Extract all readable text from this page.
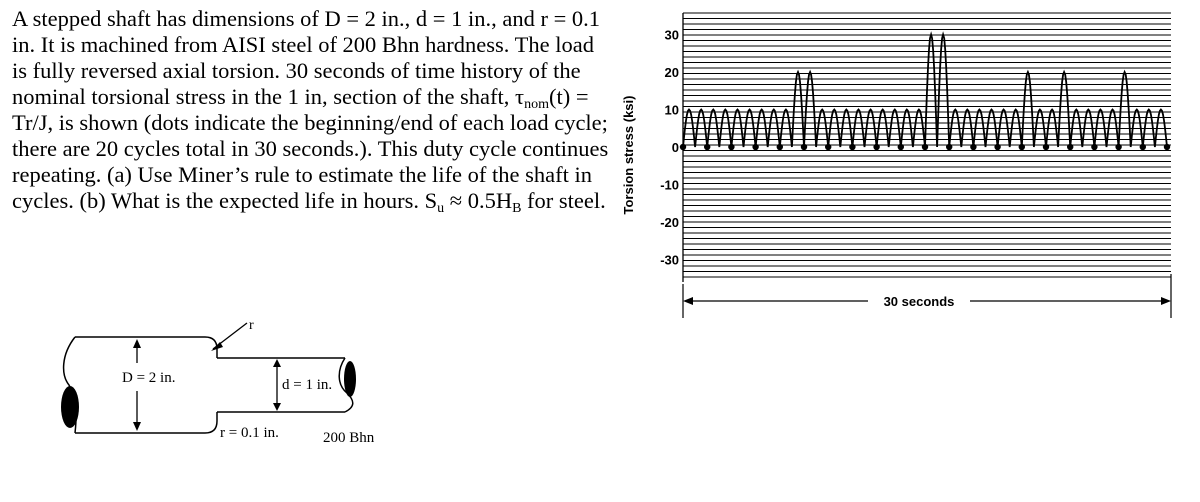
A stepped shaft has dimensions of D = 2 in., d = 1 in., and r = 0.1 in. It is machined from AISI steel of 200 Bhn hardness. The load is fully reversed axial torsion. 30 seconds of time history of the nominal torsional stress in the 1 in, section of the shaft, $\tau_{nom}(t) = Tr/J$, is shown (dots indicate the beginning/end of each load cycle; there are 20 cycles total in 30 seconds.). This duty cycle continues repeating. (a) Use Miner’s rule to estimate the life of the shaft in cycles. (b) What is the expected life in hours. $S_u \approx 0.5H_B$ for steel.

D = 2 in.	d = 1 in.
r
r = 0.1 in.	200 Bhn
Torsion stress (ksi)
30
20
10
0
-10
-20
-30
30 seconds
